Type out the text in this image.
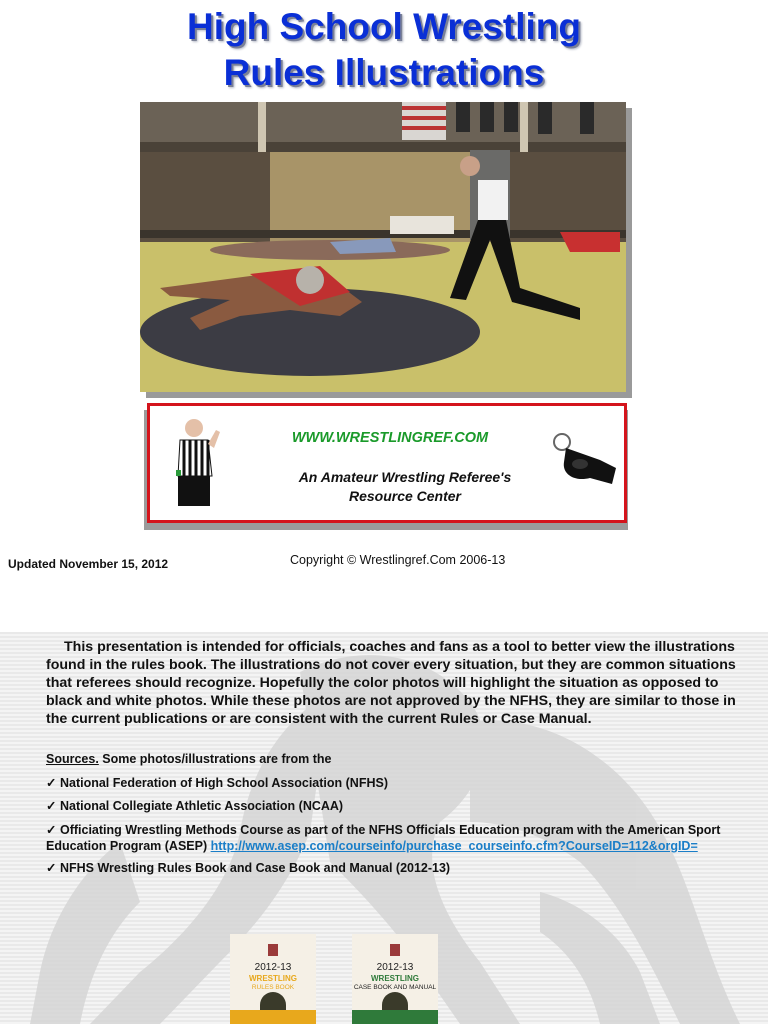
High School Wrestling
Rules Illustrations
WWW.WRESTLINGREF.COM
An Amateur Wrestling Referee's
Resource Center
Updated November 15, 2012	Copyright © Wrestlingref.Com 2006-13
This presentation is intended for officials, coaches and fans as a tool to better view the illustrations found in the rules book. The illustrations do not cover every situation, but they are common situations that referees should recognize. Hopefully the color photos will highlight the situation as opposed to black and white photos. While these photos are not approved by the NFHS, they are similar to those in the current publications or are consistent with the current Rules or Case Manual.
Sources. Some photos/illustrations are from the
✓ National Federation of High School Association (NFHS)
✓ National Collegiate Athletic Association (NCAA)
✓ Officiating Wrestling Methods Course as part of the NFHS Officials Education program with the American Sport Education Program (ASEP) http://www.asep.com/courseinfo/purchase_courseinfo.cfm?CourseID=112&orgID=
✓ NFHS Wrestling Rules Book and Case Book and Manual (2012-13)
2012-13
WRESTLING
RULES BOOK
2012-13
WRESTLING
CASE BOOK AND MANUAL
